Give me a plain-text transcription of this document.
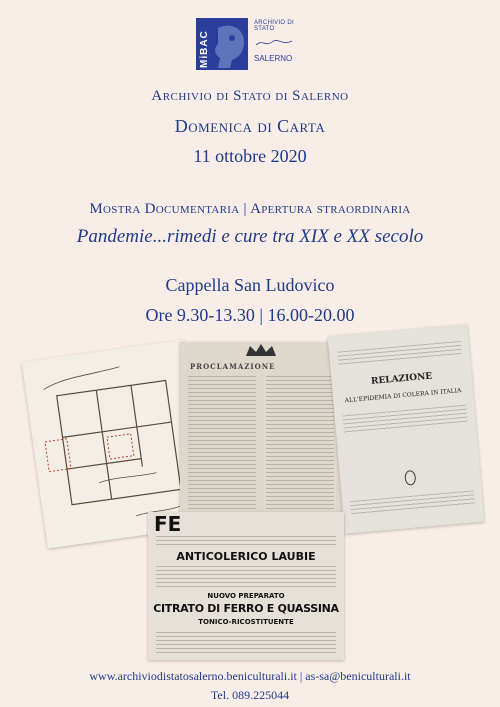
MiBAC
ARCHIVIO DI STATO
SALERNO
Archivio di Stato di Salerno
Domenica di Carta
11 ottobre 2020
Mostra Documentaria | Apertura straordinaria
Pandemie...rimedi e cure tra XIX e XX secolo
Cappella San Ludovico
Ore 9.30-13.30 | 16.00-20.00
PROCLAMAZIONE
RELAZIONE
ALL'EPIDEMIA DI COLERA IN ITALIA
FE
ANTICOLERICO LAUBIE
NUOVO PREPARATO
CITRATO DI FERRO E QUASSINA
TONICO-RICOSTITUENTE
www.archiviodistatosalerno.beniculturali.it | as-sa@beniculturali.it
Tel. 089.225044
